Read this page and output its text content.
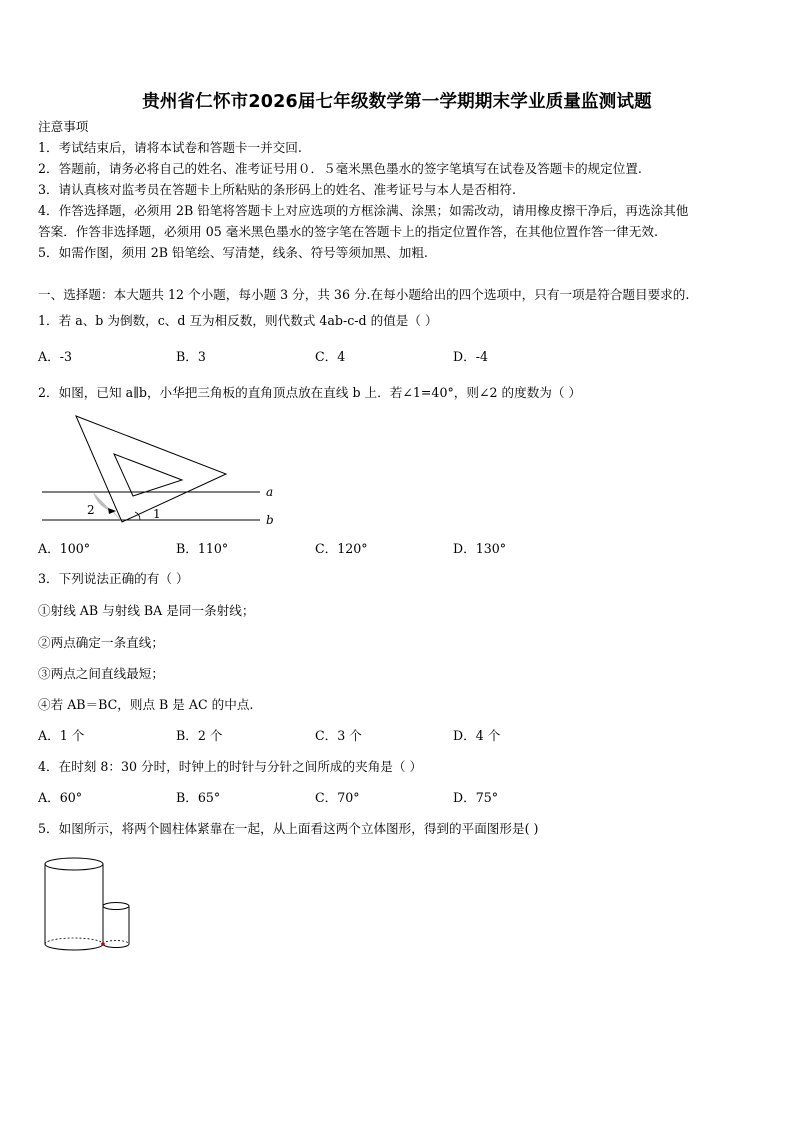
贵州省仁怀市2026届七年级数学第一学期期末学业质量监测试题
注意事项
1．考试结束后，请将本试卷和答题卡一并交回.
2．答题前，请务必将自己的姓名、准考证号用０．５毫米黑色墨水的签字笔填写在试卷及答题卡的规定位置.
3．请认真核对监考员在答题卡上所粘贴的条形码上的姓名、准考证号与本人是否相符.
4．作答选择题，必须用 2B 铅笔将答题卡上对应选项的方框涂满、涂黑；如需改动，请用橡皮擦干净后，再选涂其他
答案．作答非选择题，必须用 05 毫米黑色墨水的签字笔在答题卡上的指定位置作答，在其他位置作答一律无效.
5．如需作图，须用 2B 铅笔绘、写清楚，线条、符号等须加黑、加粗.
一、选择题：本大题共 12 个小题，每小题 3 分，共 36 分.在每小题给出的四个选项中，只有一项是符合题目要求的.
1．若 a、b 为倒数，c、d 互为相反数，则代数式 4ab-c-d 的值是（ ）
A．-3	B．3	C．4	D．-4
2．如图，已知 a∥b，小华把三角板的直角顶点放在直线 b 上．若∠1=40°，则∠2 的度数为（ ）
a
b
1
2
A．100°	B．110°	C．120°	D．130°
3．下列说法正确的有（ ）
①射线 AB 与射线 BA 是同一条射线；
②两点确定一条直线；
③两点之间直线最短；
④若 AB＝BC，则点 B 是 AC 的中点.
A．1 个	B．2 个	C．3 个	D．4 个
4．在时刻 8：30 分时，时钟上的时针与分针之间所成的夹角是（ ）
A．60°	B．65°	C．70°	D．75°
5．如图所示，将两个圆柱体紧靠在一起，从上面看这两个立体图形，得到的平面图形是( )
